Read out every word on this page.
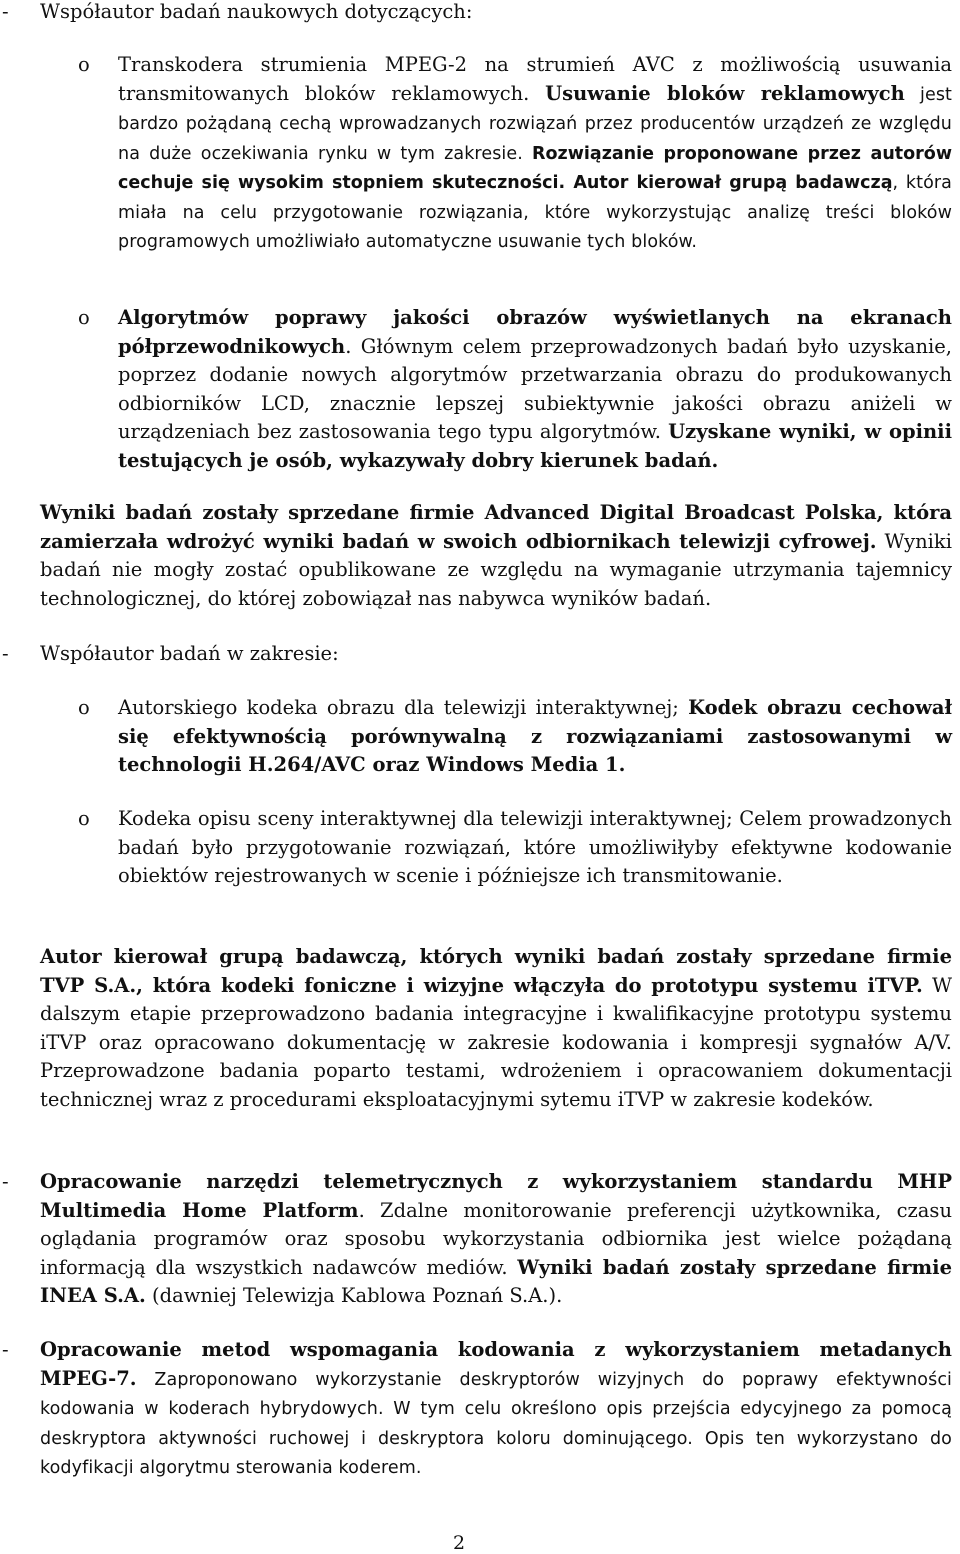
- Współautor badań naukowych dotyczących:
o Transkodera strumienia MPEG-2 na strumień AVC z możliwością usuwania transmitowanych bloków reklamowych. Usuwanie bloków reklamowych jest bardzo pożądaną cechą wprowadzanych rozwiązań przez producentów urządzeń ze względu na duże oczekiwania rynku w tym zakresie. Rozwiązanie proponowane przez autorów cechuje się wysokim stopniem skuteczności. Autor kierował grupą badawczą, która miała na celu przygotowanie rozwiązania, które wykorzystując analizę treści bloków programowych umożliwiało automatyczne usuwanie tych bloków.
o Algorytmów poprawy jakości obrazów wyświetlanych na ekranach półprzewodnikowych. Głównym celem przeprowadzonych badań było uzyskanie, poprzez dodanie nowych algorytmów przetwarzania obrazu do produkowanych odbiorników LCD, znacznie lepszej subiektywnie jakości obrazu aniżeli w urządzeniach bez zastosowania tego typu algorytmów. Uzyskane wyniki, w opinii testujących je osób, wykazywały dobry kierunek badań.
Wyniki badań zostały sprzedane firmie Advanced Digital Broadcast Polska, która zamierzała wdrożyć wyniki badań w swoich odbiornikach telewizji cyfrowej. Wyniki badań nie mogły zostać opublikowane ze względu na wymaganie utrzymania tajemnicy technologicznej, do której zobowiązał nas nabywca wyników badań.
- Współautor badań w zakresie:
o Autorskiego kodeka obrazu dla telewizji interaktywnej; Kodek obrazu cechował się efektywnością porównywalną z rozwiązaniami zastosowanymi w technologii H.264/AVC oraz Windows Media 1.
o Kodeka opisu sceny interaktywnej dla telewizji interaktywnej; Celem prowadzonych badań było przygotowanie rozwiązań, które umożliwiłyby efektywne kodowanie obiektów rejestrowanych w scenie i późniejsze ich transmitowanie.
Autor kierował grupą badawczą, których wyniki badań zostały sprzedane firmie TVP S.A., która kodeki foniczne i wizyjne włączyła do prototypu systemu iTVP. W dalszym etapie przeprowadzono badania integracyjne i kwalifikacyjne prototypu systemu iTVP oraz opracowano dokumentację w zakresie kodowania i kompresji sygnałów A/V. Przeprowadzone badania poparto testami, wdrożeniem i opracowaniem dokumentacji technicznej wraz z procedurami eksploatacyjnymi sytemu iTVP w zakresie kodeków.
- Opracowanie narzędzi telemetrycznych z wykorzystaniem standardu MHP Multimedia Home Platform. Zdalne monitorowanie preferencji użytkownika, czasu oglądania programów oraz sposobu wykorzystania odbiornika jest wielce pożądaną informacją dla wszystkich nadawców mediów. Wyniki badań zostały sprzedane firmie INEA S.A. (dawniej Telewizja Kablowa Poznań S.A.).
- Opracowanie metod wspomagania kodowania z wykorzystaniem metadanych MPEG-7. Zaproponowano wykorzystanie deskryptorów wizyjnych do poprawy efektywności kodowania w koderach hybrydowych. W tym celu określono opis przejścia edycyjnego za pomocą deskryptora aktywności ruchowej i deskryptora koloru dominującego. Opis ten wykorzystano do kodyfikacji algorytmu sterowania koderem.
2
